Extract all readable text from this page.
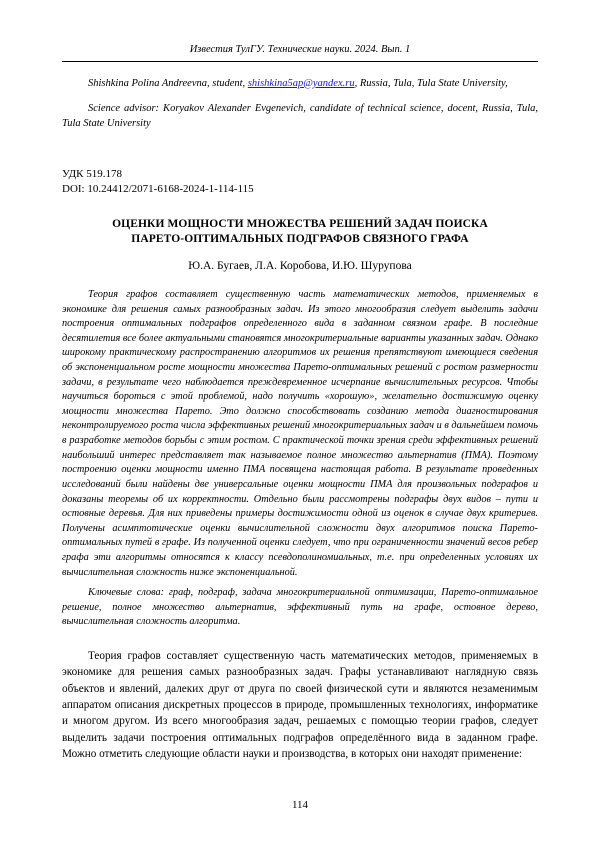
Известия ТулГУ. Технические науки. 2024. Вып. 1

Shishkina Polina Andreevna, student, shishkina5ap@yandex.ru, Russia, Tula, Tula State University,

Science advisor: Koryakov Alexander Evgenevich, candidate of technical science, docent, Russia, Tula, Tula State University

УДК 519.178

DOI: 10.24412/2071-6168-2024-1-114-115

ОЦЕНКИ МОЩНОСТИ МНОЖЕСТВА РЕШЕНИЙ ЗАДАЧ ПОИСКА
ПАРЕТО-ОПТИМАЛЬНЫХ ПОДГРАФОВ СВЯЗНОГО ГРАФА

Ю.А. Бугаев, Л.А. Коробова, И.Ю. Шурупова

Теория графов составляет существенную часть математических методов, применяемых в экономике для решения самых разнообразных задач. Из этого многообразия следует выделить задачи построения оптимальных подграфов определенного вида в заданном связном графе. В последние десятилетия все более актуальными становятся многокритериальные варианты указанных задач. Однако широкому практическому распространению алгоритмов их решения препятствуют имеющиеся сведения об экспоненциальном росте мощности множества Парето-оптимальных решений с ростом размерности задачи, в результате чего наблюдается преждевременное исчерпание вычислительных ресурсов. Чтобы научиться бороться с этой проблемой, надо получить «хорошую», желательно достижимую оценку мощности множества Парето. Это должно способствовать созданию метода диагностирования неконтролируемого роста числа эффективных решений многокритериальных задач и в дальнейшем помочь в разработке методов борьбы с этим ростом. С практической точки зрения среди эффективных решений наибольший интерес представляет так называемое полное множество альтернатив (ПМА). Поэтому построению оценки мощности именно ПМА посвящена настоящая работа. В результате проведенных исследований были найдены две универсальные оценки мощности ПМА для произвольных подграфов и доказаны теоремы об их корректности. Отдельно были рассмотрены подграфы двух видов – пути и остовные деревья. Для них приведены примеры достижимости одной из оценок в случае двух критериев. Получены асимптотические оценки вычислительной сложности двух алгоритмов поиска Парето-оптимальных путей в графе. Из полученной оценки следует, что при ограниченности значений весов ребер графа эти алгоритмы относятся к классу псевдополиномиальных, т.е. при определенных условиях их вычислительная сложность ниже экспоненциальной.

Ключевые слова: граф, подграф, задача многокритериальной оптимизации, Парето-оптимальное решение, полное множество альтернатив, эффективный путь на графе, остовное дерево, вычислительная сложность алгоритма.

Теория графов составляет существенную часть математических методов, применяемых в экономике для решения самых разнообразных задач. Графы устанавливают наглядную связь объектов и явлений, далеких друг от друга по своей физической сути и являются незаменимым аппаратом описания дискретных процессов в природе, промышленных технологиях, информатике и многом другом. Из всего многообразия задач, решаемых с помощью теории графов, следует выделить задачи построения оптимальных подграфов определённого вида в заданном графе. Можно отметить следующие области науки и производства, в которых они находят применение:

114
